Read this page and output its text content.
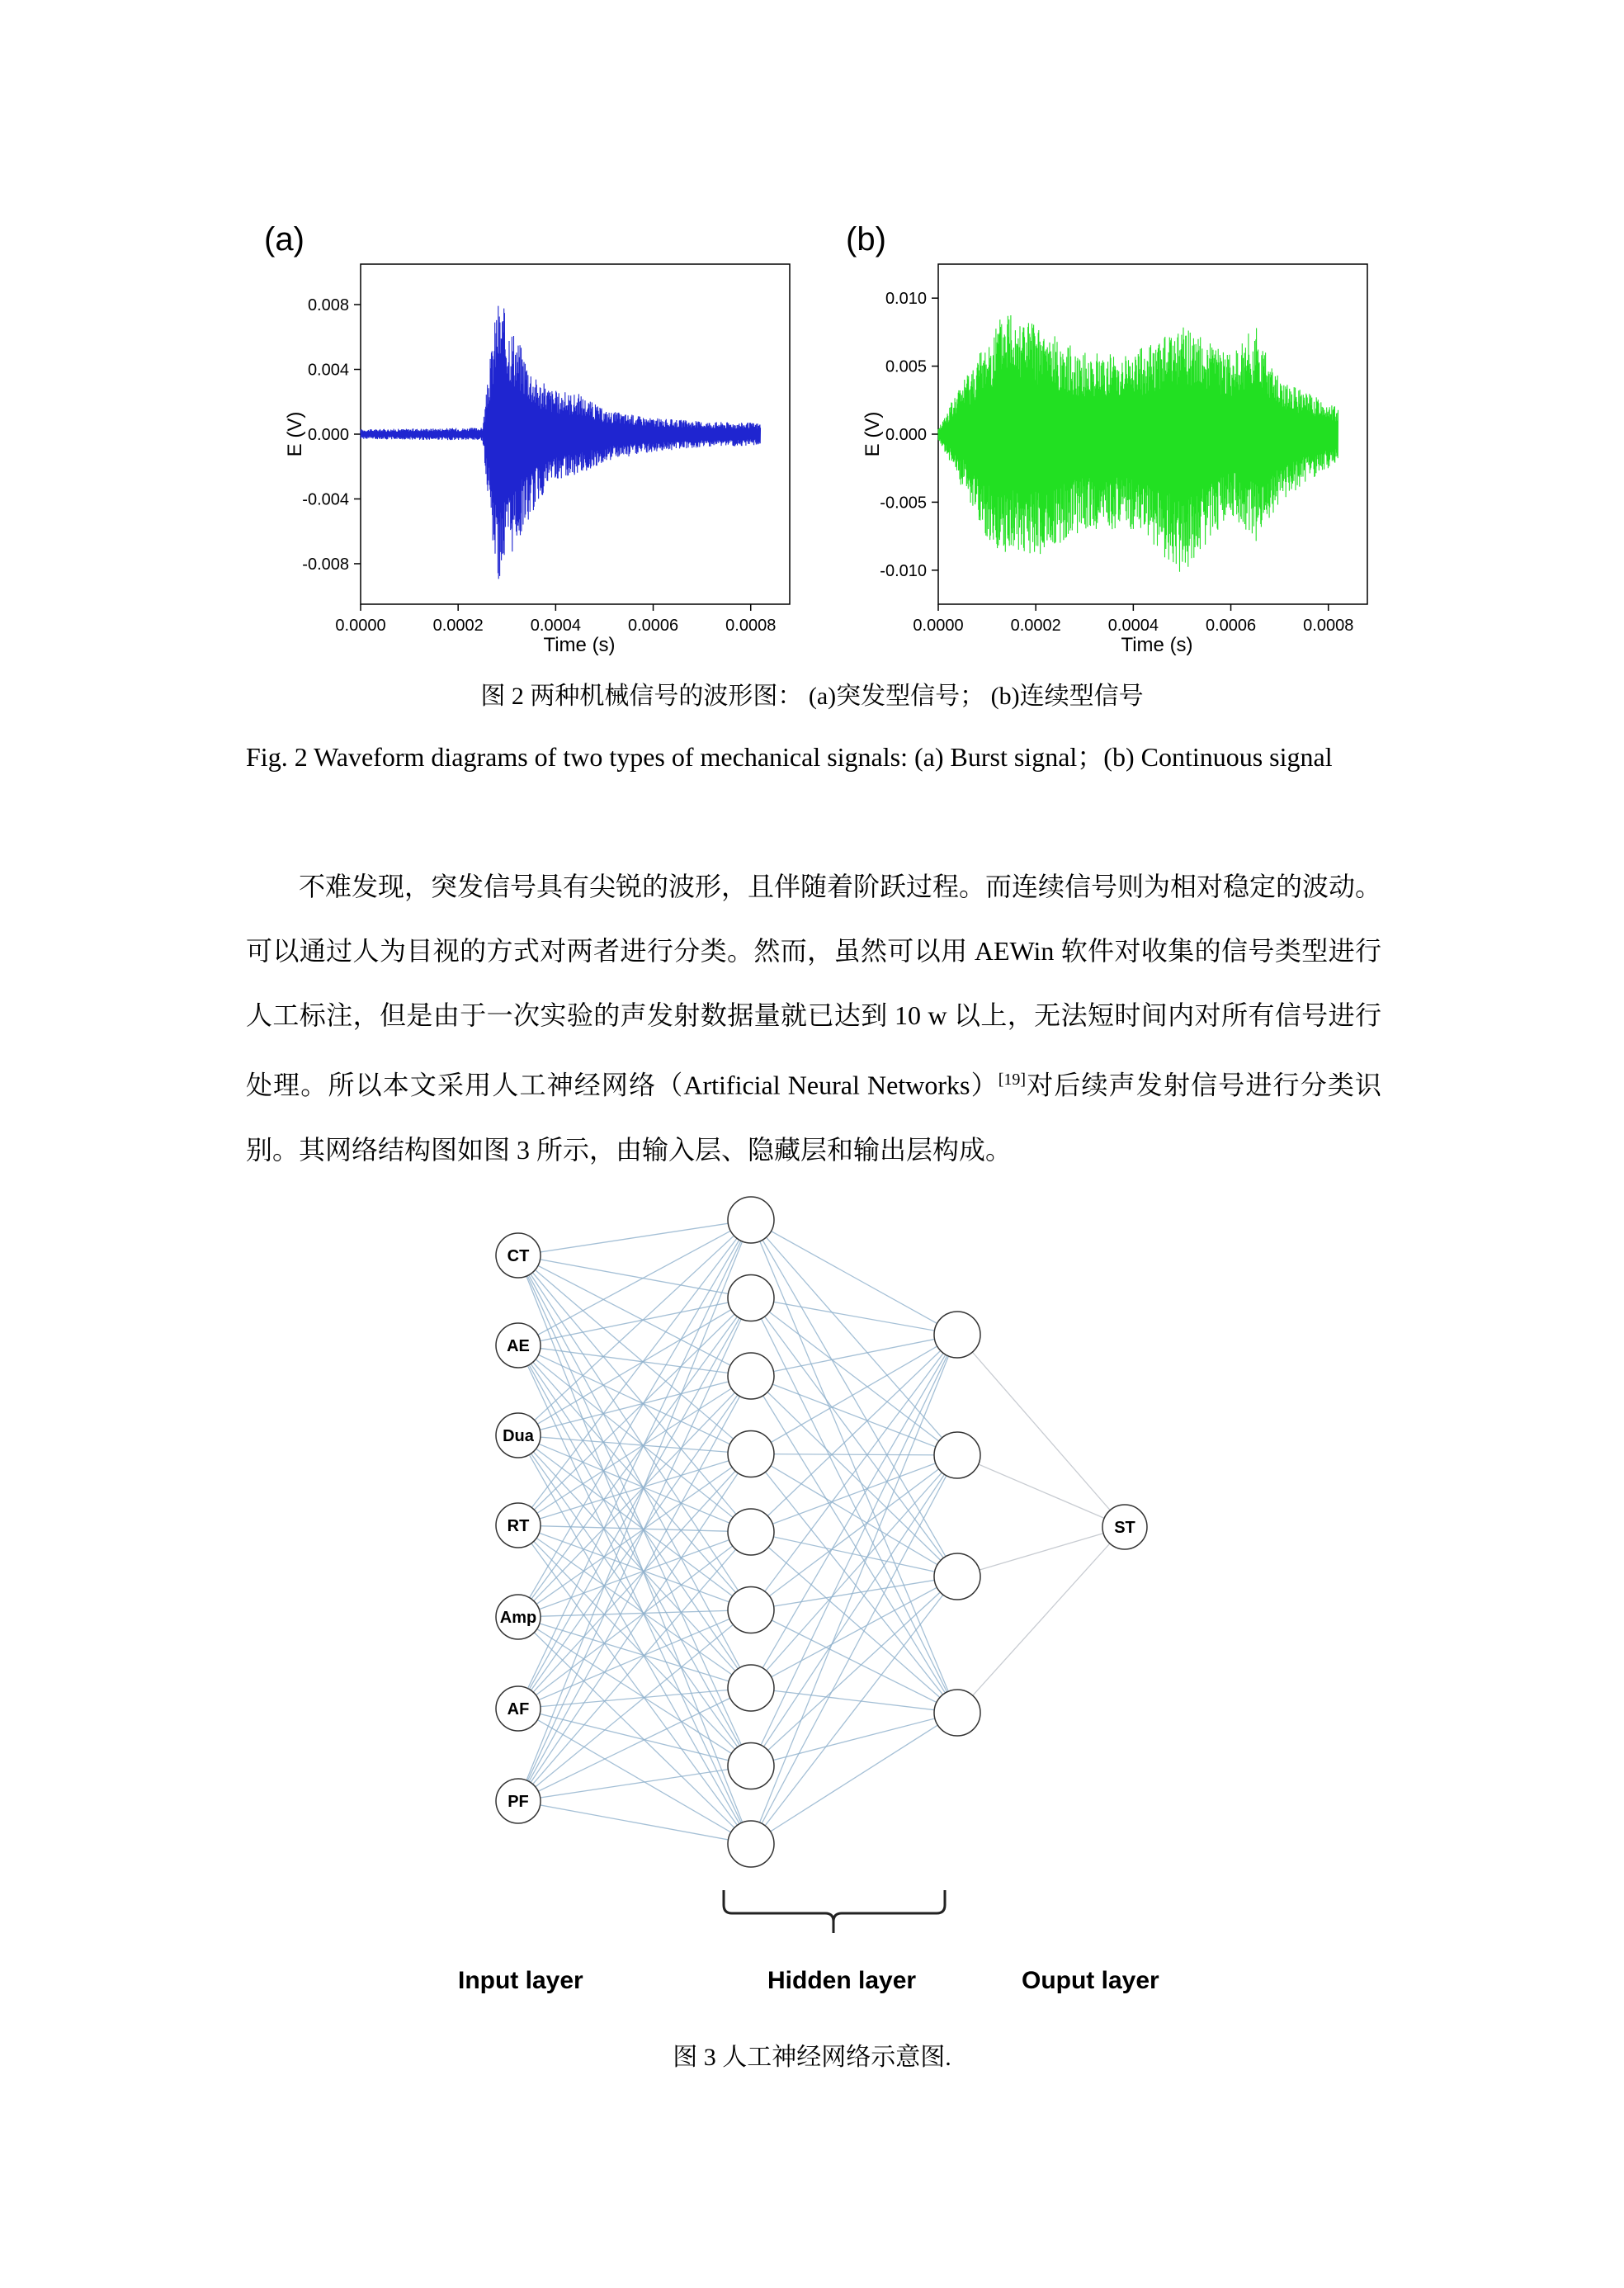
(a)	(b)
0.0000	0.0002	0.0004	0.0006	0.0008
0.008
0.004
0.000
-0.004
-0.008
Time (s)
E (V)
0.0000	0.0002	0.0004	0.0006	0.0008
0.010
0.005
0.000
-0.005
-0.010
Time (s)
E (V)
图 2 两种机械信号的波形图： (a)突发型信号； (b)连续型信号
Fig. 2 Waveform diagrams of two types of mechanical signals: (a) Burst signal；(b) Continuous signal

不难发现，突发信号具有尖锐的波形，且伴随着阶跃过程。而连续信号则为相对稳定的波动。可以通过人为目视的方式对两者进行分类。然而，虽然可以用 AEWin 软件对收集的信号类型进行人工标注，但是由于一次实验的声发射数据量就已达到 10 w 以上，无法短时间内对所有信号进行处理。所以本文采用人工神经网络（Artificial Neural Networks）[19]对后续声发射信号进行分类识别。其网络结构图如图 3 所示，由输入层、隐藏层和输出层构成。

CT
AE
Dua
RT
Amp
AF
PF
ST
Input layer	Hidden layer	Ouput layer
图 3 人工神经网络示意图.
